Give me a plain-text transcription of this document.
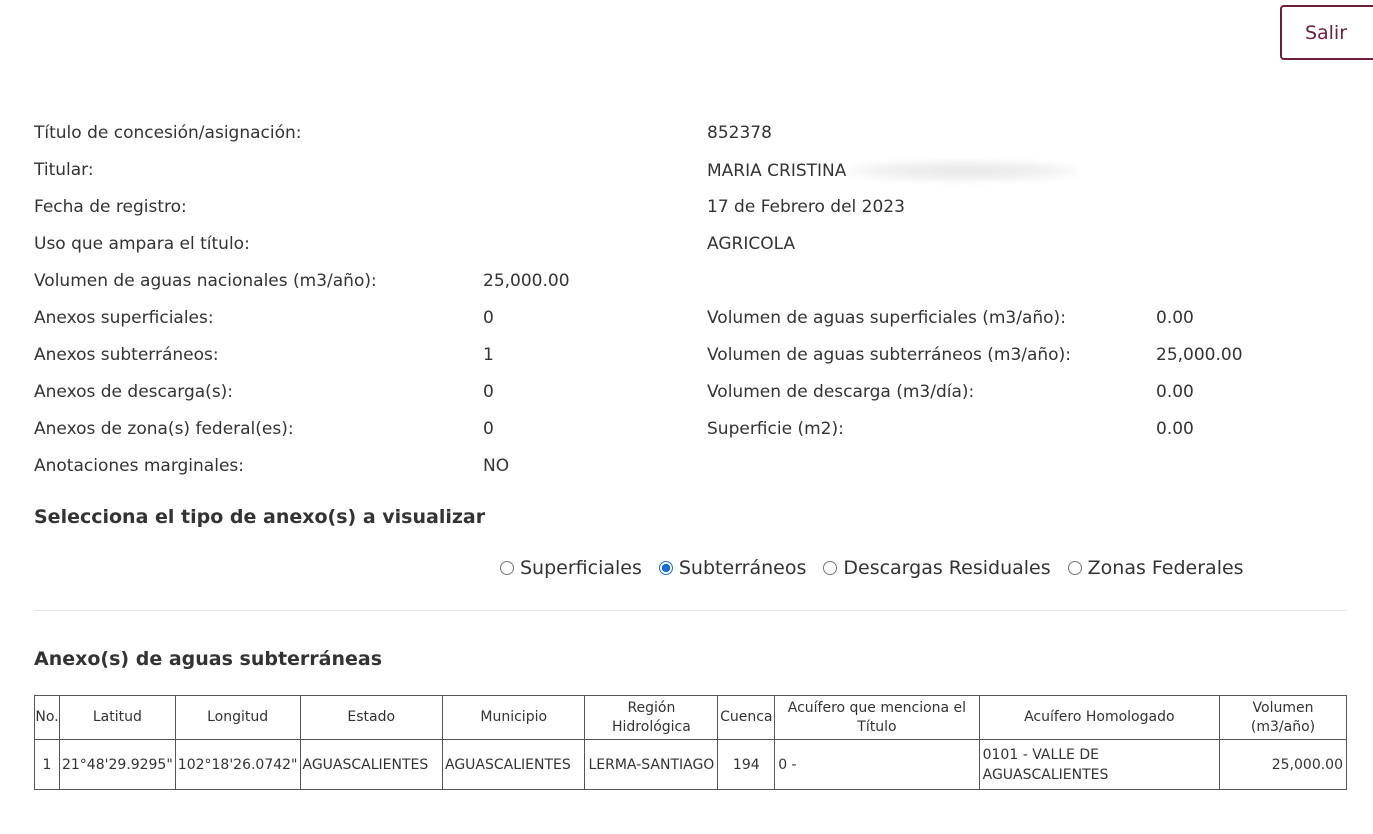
Salir
Título de concesión/asignación:	852378
Titular:	MARIA CRISTINA
Fecha de registro:	17 de Febrero del 2023
Uso que ampara el título:	AGRICOLA
Volumen de aguas nacionales (m3/año):	25,000.00
Anexos superficiales:	0	Volumen de aguas superficiales (m3/año):	0.00
Anexos subterráneos:	1	Volumen de aguas subterráneos (m3/año):	25,000.00
Anexos de descarga(s):	0	Volumen de descarga (m3/día):	0.00
Anexos de zona(s) federal(es):	0	Superficie (m2):	0.00
Anotaciones marginales:	NO
Selecciona el tipo de anexo(s) a visualizar
Superficiales Subterráneos Descargas Residuales Zonas Federales
Anexo(s) de aguas subterráneas
No.	Latitud	Longitud	Estado	Municipio	Región Hidrológica	Cuenca	Acuífero que menciona el Título	Acuífero Homologado	Volumen (m3/año)
1	21°48'29.9295"	102°18'26.0742"	AGUASCALIENTES	AGUASCALIENTES	LERMA-SANTIAGO	194	0 -	0101 - VALLE DE AGUASCALIENTES	25,000.00
